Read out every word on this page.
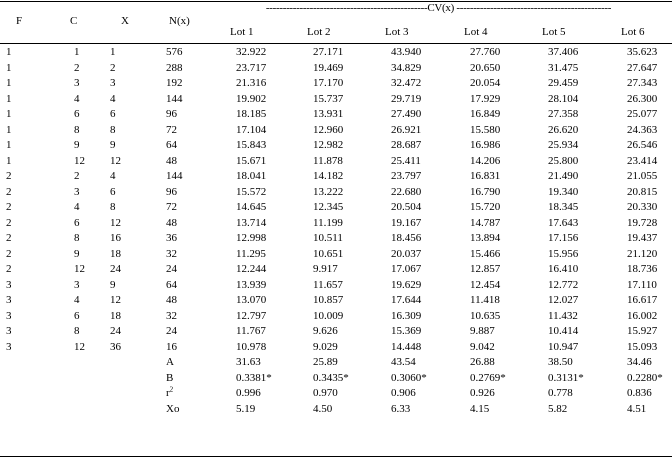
F	C	X	N(x)
------------------------------------------------CV(x) ----------------------------------------------
Lot 1	Lot 2	Lot 3	Lot 4	Lot 5	Lot 6
1	1	1	576	32.922	27.171	43.940	27.760	37.406	35.623
1	2	2	288	23.717	19.469	34.829	20.650	31.475	27.647
1	3	3	192	21.316	17.170	32.472	20.054	29.459	27.343
1	4	4	144	19.902	15.737	29.719	17.929	28.104	26.300
1	6	6	96	18.185	13.931	27.490	16.849	27.358	25.077
1	8	8	72	17.104	12.960	26.921	15.580	26.620	24.363
1	9	9	64	15.843	12.982	28.687	16.986	25.934	26.546
1	12	12	48	15.671	11.878	25.411	14.206	25.800	23.414
2	2	4	144	18.041	14.182	23.797	16.831	21.490	21.055
2	3	6	96	15.572	13.222	22.680	16.790	19.340	20.815
2	4	8	72	14.645	12.345	20.504	15.720	18.345	20.330
2	6	12	48	13.714	11.199	19.167	14.787	17.643	19.728
2	8	16	36	12.998	10.511	18.456	13.894	17.156	19.437
2	9	18	32	11.295	10.651	20.037	15.466	15.956	21.120
2	12	24	24	12.244	9.917	17.067	12.857	16.410	18.736
3	3	9	64	13.939	11.657	19.629	12.454	12.772	17.110
3	4	12	48	13.070	10.857	17.644	11.418	12.027	16.617
3	6	18	32	12.797	10.009	16.309	10.635	11.432	16.002
3	8	24	24	11.767	9.626	15.369	9.887	10.414	15.927
3	12	36	16	10.978	9.029	14.448	9.042	10.947	15.093
			A	31.63	25.89	43.54	26.88	38.50	34.46
			B	0.3381*	0.3435*	0.3060*	0.2769*	0.3131*	0.2280*
			$r^2$	0.996	0.970	0.906	0.926	0.778	0.836
			Xo	5.19	4.50	6.33	4.15	5.82	4.51
